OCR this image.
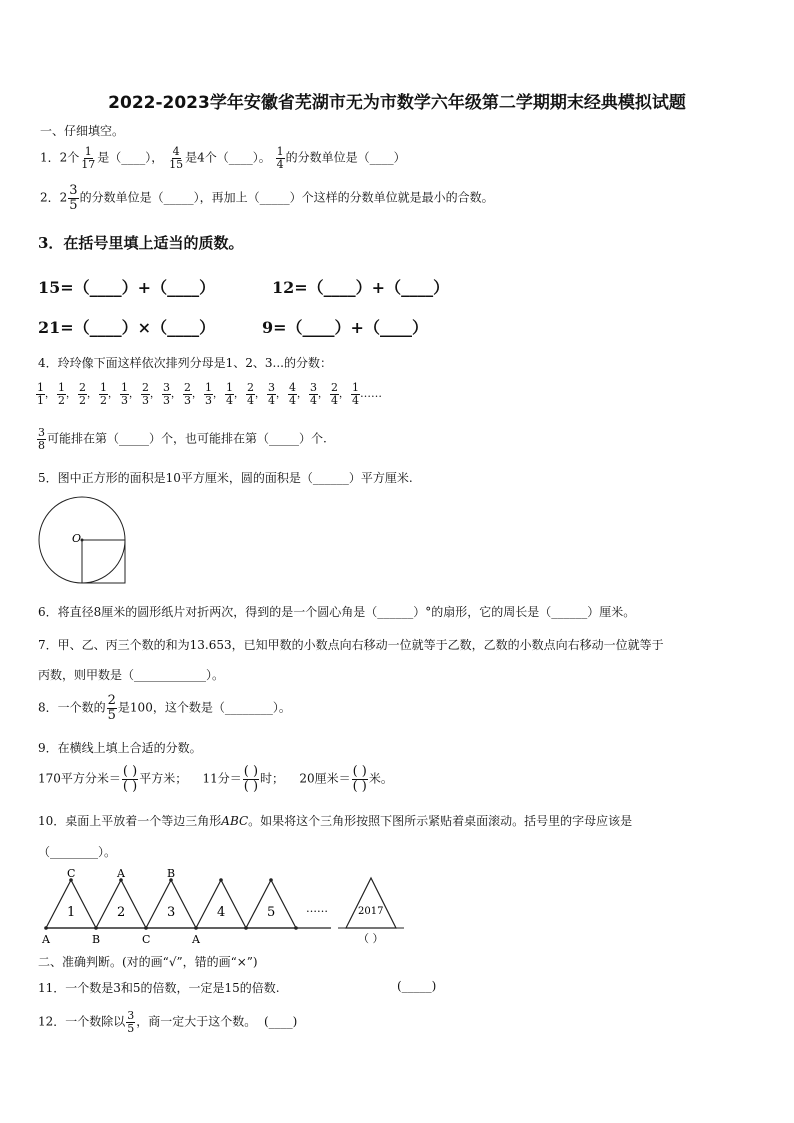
2022-2023学年安徽省芜湖市无为市数学六年级第二学期期末经典模拟试题
一、仔细填空。
1．2个 $\frac{1}{17}$ 是（____）， $\frac{4}{15}$ 是4个（____）。 $\frac{1}{4}$ 的分数单位是（____）
2．$2 \frac{3}{5}$ 的分数单位是（_____），再加上（_____）个这样的分数单位就是最小的合数。
3．在括号里填上适当的质数。
15=（____）+（____）	12=（____）+（____）
21=（____）×（____）	9=（____）+（____）
4．玲玲像下面这样依次排列分母是1、2、3...的分数：
$\frac{1}{1}$ ， $\frac{1}{2}$ ， $\frac{2}{2}$ ， $\frac{1}{2}$ ， $\frac{1}{3}$ ， $\frac{2}{3}$ ， $\frac{3}{3}$ ， $\frac{2}{3}$ ， $\frac{1}{3}$ ， $\frac{1}{4}$ ， $\frac{2}{4}$ ， $\frac{3}{4}$ ， $\frac{4}{4}$ ， $\frac{3}{4}$ ， $\frac{2}{4}$ ， $\frac{1}{4}$ ……
$\frac{3}{8}$ 可能排在第（_____）个，也可能排在第（_____）个.
5．图中正方形的面积是10平方厘米，圆的面积是（______）平方厘米.
O
6．将直径8厘米的圆形纸片对折两次，得到的是一个圆心角是（______）°的扇形，它的周长是（______）厘米。
7．甲、乙、丙三个数的和为13.653，已知甲数的小数点向右移动一位就等于乙数，乙数的小数点向右移动一位就等于
丙数，则甲数是（____________）。
8．一个数的 $\frac{2}{5}$ 是100，这个数是（________）。
9．在横线上填上合适的分数。
170平方分米＝ $\frac{( )}{( )}$ 平方米； 11分＝ $\frac{( )}{( )}$ 时； 20厘米＝ $\frac{( )}{( )}$ 米。
10．桌面上平放着一个等边三角形ABC。如果将这个三角形按照下图所示紧贴着桌面滚动。括号里的字母应该是
（________）。
1	2	3	4	5
C	A	B
A	B	C	A
2017
……
（ ）
二、准确判断。(对的画“√”，错的画“×”)
11．一个数是3和5的倍数，一定是15的倍数.	(_____)
12．一个数除以 $\frac{3}{5}$ ，商一定大于这个数。 (____)
